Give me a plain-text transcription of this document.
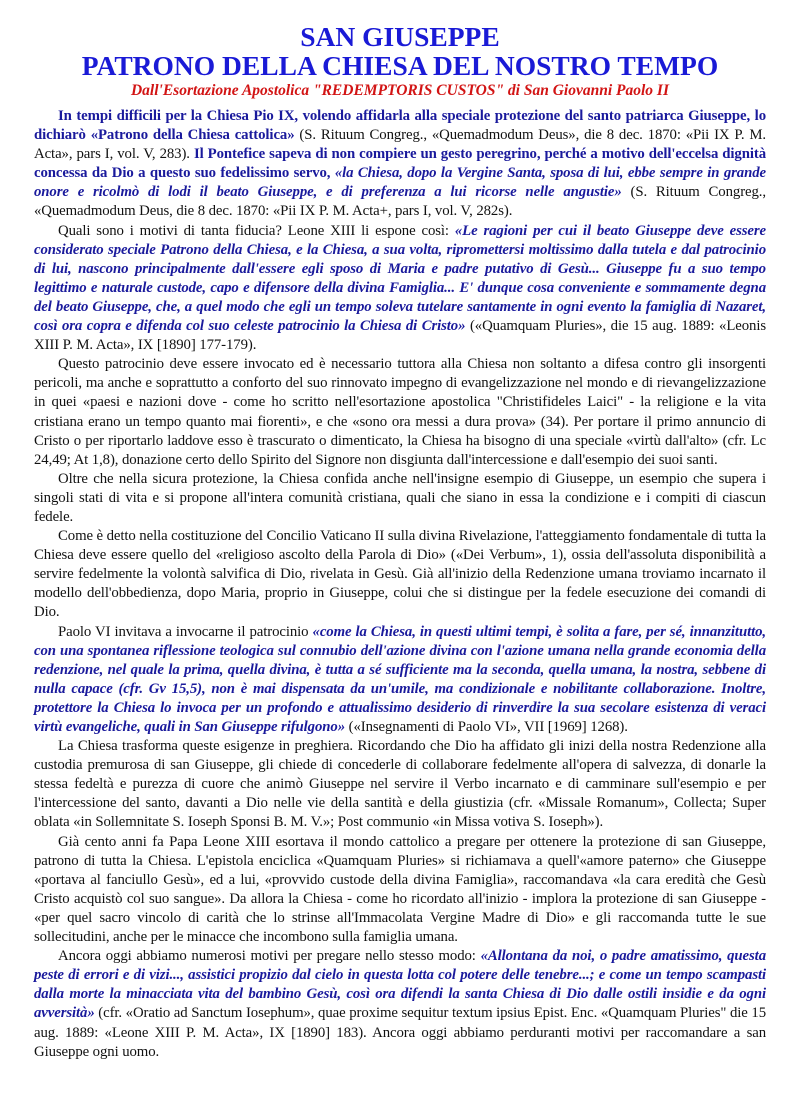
SAN GIUSEPPE
PATRONO DELLA CHIESA DEL NOSTRO TEMPO
Dall'Esortazione Apostolica "REDEMPTORIS CUSTOS" di San Giovanni Paolo II

In tempi difficili per la Chiesa Pio IX, volendo affidarla alla speciale protezione del santo patriarca Giuseppe, lo dichiarò «Patrono della Chiesa cattolica» (S. Rituum Congreg., «Quemadmodum Deus», die 8 dec. 1870: «Pii IX P. M. Acta», pars I, vol. V, 283). Il Pontefice sapeva di non compiere un gesto peregrino, perché a motivo dell'eccelsa dignità concessa da Dio a questo suo fedelissimo servo, «la Chiesa, dopo la Vergine Santa, sposa di lui, ebbe sempre in grande onore e ricolmò di lodi il beato Giuseppe, e di preferenza a lui ricorse nelle angustie» (S. Rituum Congreg., «Quemadmodum Deus, die 8 dec. 1870: «Pii IX P. M. Acta+, pars I, vol. V, 282s).

Quali sono i motivi di tanta fiducia? Leone XIII li espone così: «Le ragioni per cui il beato Giuseppe deve essere considerato speciale Patrono della Chiesa, e la Chiesa, a sua volta, ripromettersi moltissimo dalla tutela e dal patrocinio di lui, nascono principalmente dall'essere egli sposo di Maria e padre putativo di Gesù... Giuseppe fu a suo tempo legittimo e naturale custode, capo e difensore della divina Famiglia... E' dunque cosa conveniente e sommamente degna del beato Giuseppe, che, a quel modo che egli un tempo soleva tutelare santamente in ogni evento la famiglia di Nazaret, così ora copra e difenda col suo celeste patrocinio la Chiesa di Cristo» («Quamquam Pluries», die 15 aug. 1889: «Leonis XIII P. M. Acta», IX [1890] 177-179).

Questo patrocinio deve essere invocato ed è necessario tuttora alla Chiesa non soltanto a difesa contro gli insorgenti pericoli, ma anche e soprattutto a conforto del suo rinnovato impegno di evangelizzazione nel mondo e di rievangelizzazione in quei «paesi e nazioni dove - come ho scritto nell'esortazione apostolica "Christifideles Laici" - la religione e la vita cristiana erano un tempo quanto mai fiorenti», e che «sono ora messi a dura prova» (34). Per portare il primo annuncio di Cristo o per riportarlo laddove esso è trascurato o dimenticato, la Chiesa ha bisogno di una speciale «virtù dall'alto» (cfr. Lc 24,49; At 1,8), donazione certo dello Spirito del Signore non disgiunta dall'intercessione e dall'esempio dei suoi santi.

Oltre che nella sicura protezione, la Chiesa confida anche nell'insigne esempio di Giuseppe, un esempio che supera i singoli stati di vita e si propone all'intera comunità cristiana, quali che siano in essa la condizione e i compiti di ciascun fedele.

Come è detto nella costituzione del Concilio Vaticano II sulla divina Rivelazione, l'atteggiamento fondamentale di tutta la Chiesa deve essere quello del «religioso ascolto della Parola di Dio» («Dei Verbum», 1), ossia dell'assoluta disponibilità a servire fedelmente la volontà salvifica di Dio, rivelata in Gesù. Già all'inizio della Redenzione umana troviamo incarnato il modello dell'obbedienza, dopo Maria, proprio in Giuseppe, colui che si distingue per la fedele esecuzione dei comandi di Dio.

Paolo VI invitava a invocarne il patrocinio «come la Chiesa, in questi ultimi tempi, è solita a fare, per sé, innanzitutto, con una spontanea riflessione teologica sul connubio dell'azione divina con l'azione umana nella grande economia della redenzione, nel quale la prima, quella divina, è tutta a sé sufficiente ma la seconda, quella umana, la nostra, sebbene di nulla capace (cfr. Gv 15,5), non è mai dispensata da un'umile, ma condizionale e nobilitante collaborazione. Inoltre, protettore la Chiesa lo invoca per un profondo e attualissimo desiderio di rinverdire la sua secolare esistenza di veraci virtù evangeliche, quali in San Giuseppe rifulgono» («Insegnamenti di Paolo VI», VII [1969] 1268).

La Chiesa trasforma queste esigenze in preghiera. Ricordando che Dio ha affidato gli inizi della nostra Redenzione alla custodia premurosa di san Giuseppe, gli chiede di concederle di collaborare fedelmente all'opera di salvezza, di donarle la stessa fedeltà e purezza di cuore che animò Giuseppe nel servire il Verbo incarnato e di camminare sull'esempio e per l'intercessione del santo, davanti a Dio nelle vie della santità e della giustizia (cfr. «Missale Romanum», Collecta; Super oblata «in Sollemnitate S. Ioseph Sponsi B. M. V.»; Post communio «in Missa votiva S. Ioseph»).

Già cento anni fa Papa Leone XIII esortava il mondo cattolico a pregare per ottenere la protezione di san Giuseppe, patrono di tutta la Chiesa. L'epistola enciclica «Quamquam Pluries» si richiamava a quell'«amore paterno» che Giuseppe «portava al fanciullo Gesù», ed a lui, «provvido custode della divina Famiglia», raccomandava «la cara eredità che Gesù Cristo acquistò col suo sangue». Da allora la Chiesa - come ho ricordato all'inizio - implora la protezione di san Giuseppe - «per quel sacro vincolo di carità che lo strinse all'Immacolata Vergine Madre di Dio» e gli raccomanda tutte le sue sollecitudini, anche per le minacce che incombono sulla famiglia umana.

Ancora oggi abbiamo numerosi motivi per pregare nello stesso modo: «Allontana da noi, o padre amatissimo, questa peste di errori e di vizi..., assistici propizio dal cielo in questa lotta col potere delle tenebre...; e come un tempo scampasti dalla morte la minacciata vita del bambino Gesù, così ora difendi la santa Chiesa di Dio dalle ostili insidie e da ogni avversità» (cfr. «Oratio ad Sanctum Iosephum», quae proxime sequitur textum ipsius Epist. Enc. «Quamquam Pluries" die 15 aug. 1889: «Leone XIII P. M. Acta», IX [1890] 183). Ancora oggi abbiamo perduranti motivi per raccomandare a san Giuseppe ogni uomo.
